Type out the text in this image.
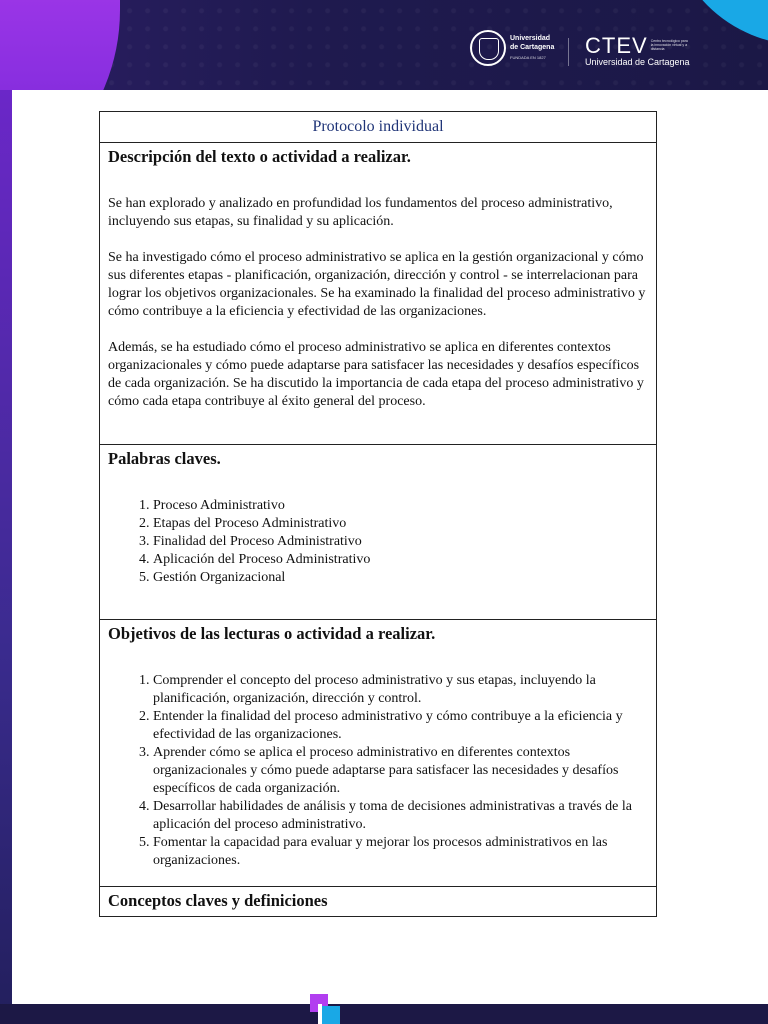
Universidad
de Cartagena
FUNDADA EN 1827	CTEV Centro tecnológico para la innovación virtual y a distancia
Universidad de Cartagena
Protocolo individual
Descripción del texto o actividad a realizar.

Se han explorado y analizado en profundidad los fundamentos del proceso administrativo, incluyendo sus etapas, su finalidad y su aplicación.

Se ha investigado cómo el proceso administrativo se aplica en la gestión organizacional y cómo sus diferentes etapas - planificación, organización, dirección y control - se interrelacionan para lograr los objetivos organizacionales. Se ha examinado la finalidad del proceso administrativo y cómo contribuye a la eficiencia y efectividad de las organizaciones.

Además, se ha estudiado cómo el proceso administrativo se aplica en diferentes contextos organizacionales y cómo puede adaptarse para satisfacer las necesidades y desafíos específicos de cada organización. Se ha discutido la importancia de cada etapa del proceso administrativo y cómo cada etapa contribuye al éxito general del proceso.

Palabras claves.
1. Proceso Administrativo
2. Etapas del Proceso Administrativo
3. Finalidad del Proceso Administrativo
4. Aplicación del Proceso Administrativo
5. Gestión Organizacional
Objetivos de las lecturas o actividad a realizar.
1. Comprender el concepto del proceso administrativo y sus etapas, incluyendo la planificación, organización, dirección y control.
2. Entender la finalidad del proceso administrativo y cómo contribuye a la eficiencia y efectividad de las organizaciones.
3. Aprender cómo se aplica el proceso administrativo en diferentes contextos organizacionales y cómo puede adaptarse para satisfacer las necesidades y desafíos específicos de cada organización.
4. Desarrollar habilidades de análisis y toma de decisiones administrativas a través de la aplicación del proceso administrativo.
5. Fomentar la capacidad para evaluar y mejorar los procesos administrativos en las organizaciones.
Conceptos claves y definiciones
